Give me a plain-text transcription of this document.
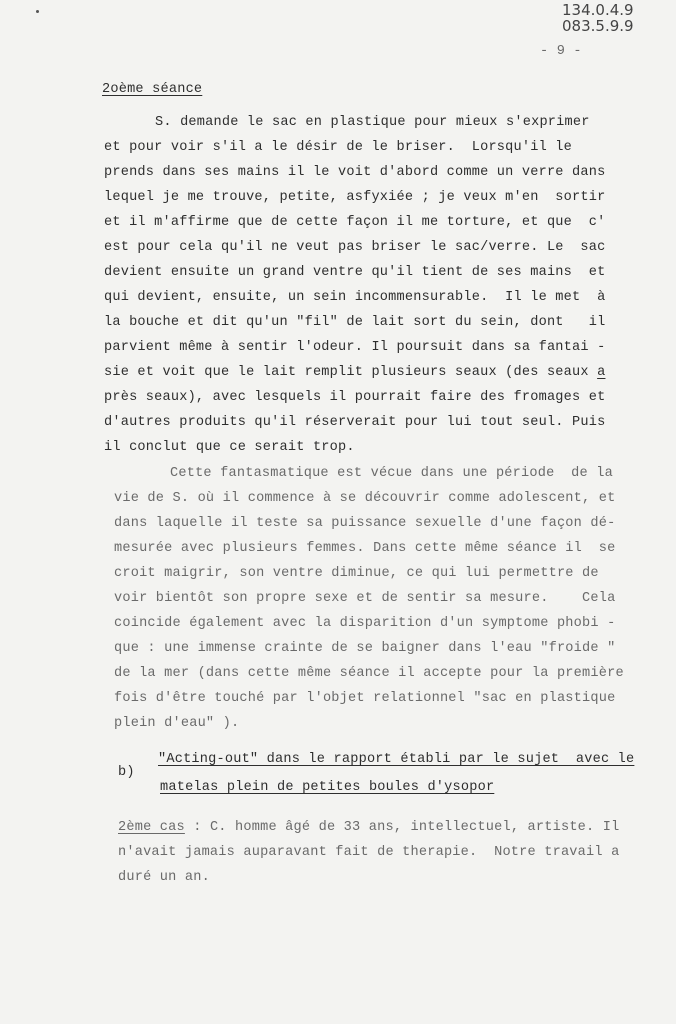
134.0.4.9
083.5.9.9
- 9 -
2oème séance
S. demande le sac en plastique pour mieux s'exprimer
et pour voir s'il a le désir de le briser.  Lorsqu'il le
prends dans ses mains il le voit d'abord comme un verre dans
lequel je me trouve, petite, asfyxiée ; je veux m'en  sortir
et il m'affirme que de cette façon il me torture, et que  c'
est pour cela qu'il ne veut pas briser le sac/verre. Le  sac
devient ensuite un grand ventre qu'il tient de ses mains  et
qui devient, ensuite, un sein incommensurable.  Il le met  à
la bouche et dit qu'un "fil" de lait sort du sein, dont   il
parvient même à sentir l'odeur. Il poursuit dans sa fantai -
sie et voit que le lait remplit plusieurs seaux (des seaux a
près seaux), avec lesquels il pourrait faire des fromages et
d'autres produits qu'il réserverait pour lui tout seul. Puis
il conclut que ce serait trop.
Cette fantasmatique est vécue dans une période  de la
vie de S. où il commence à se découvrir comme adolescent, et
dans laquelle il teste sa puissance sexuelle d'une façon dé-
mesurée avec plusieurs femmes. Dans cette même séance il  se
croit maigrir, son ventre diminue, ce qui lui permettre de
voir bientôt son propre sexe et de sentir sa mesure.    Cela
coincide également avec la disparition d'un symptome phobi -
que : une immense crainte de se baigner dans l'eau "froide "
de la mer (dans cette même séance il accepte pour la première
fois d'être touché par l'objet relationnel "sac en plastique
plein d'eau" ).
b)
"Acting-out" dans le rapport établi par le sujet  avec le
matelas plein de petites boules d'ysopor
2ème cas : C. homme âgé de 33 ans, intellectuel, artiste. Il
n'avait jamais auparavant fait de therapie.  Notre travail a
duré un an.
